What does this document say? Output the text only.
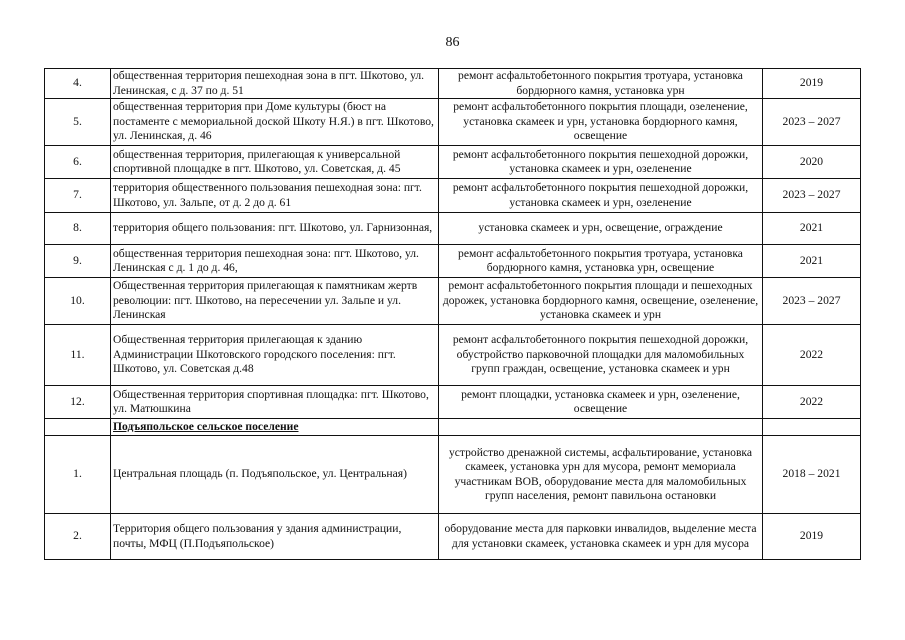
86
4.	общественная территория пешеходная зона в пгт. Шкотово, ул. Ленинская, с д. 37 по д. 51	ремонт асфальтобетонного покрытия тротуара, установка бордюрного камня, установка урн	2019
5.	общественная территория при Доме культуры (бюст на постаменте с мемориальной доской Шкоту Н.Я.) в пгт. Шкотово, ул. Ленинская, д. 46	ремонт асфальтобетонного покрытия площади, озеленение, установка скамеек и урн, установка бордюрного камня, освещение	2023 – 2027
6.	общественная территория, прилегающая к универсальной спортивной площадке в пгт. Шкотово, ул. Советская, д. 45	ремонт асфальтобетонного покрытия пешеходной дорожки, установка скамеек и урн, озеленение	2020
7.	территория общественного пользования пешеходная зона: пгт. Шкотово, ул. Зальпе, от д. 2 до д. 61	ремонт асфальтобетонного покрытия пешеходной дорожки, установка скамеек и урн, озеленение	2023 – 2027
8.	территория общего пользования: пгт. Шкотово, ул. Гарнизонная,	установка скамеек и урн, освещение, ограждение	2021
9.	общественная территория пешеходная зона: пгт. Шкотово, ул. Ленинская с д. 1 до д. 46,	ремонт асфальтобетонного покрытия тротуара, установка бордюрного камня, установка урн, освещение	2021
10.	Общественная территория прилегающая к памятникам жертв революции: пгт. Шкотово, на пересечении ул. Зальпе и ул. Ленинская	ремонт асфальтобетонного покрытия площади и пешеходных дорожек, установка бордюрного камня, освещение, озеленение, установка скамеек и урн	2023 – 2027
11.	Общественная территория прилегающая к зданию Администрации Шкотовского городского поселения: пгт. Шкотово, ул. Советская д.48	ремонт асфальтобетонного покрытия пешеходной дорожки, обустройство парковочной площадки для маломобильных групп граждан, освещение, установка скамеек и урн	2022
12.	Общественная территория спортивная площадка: пгт. Шкотово, ул. Матюшкина	ремонт площадки, установка скамеек и урн, озеленение, освещение	2022
	Подъяпольское сельское поселение		
1.	Центральная площадь (п. Подъяпольское, ул. Центральная)	устройство дренажной системы, асфальтирование, установка скамеек, установка урн для мусора, ремонт мемориала участникам ВОВ, оборудование места для маломобильных групп населения, ремонт павильона остановки	2018 – 2021
2.	Территория общего пользования у здания администрации, почты, МФЦ (П.Подъяпольское)	оборудование места для парковки инвалидов, выделение места для установки скамеек, установка скамеек и урн для мусора	2019
